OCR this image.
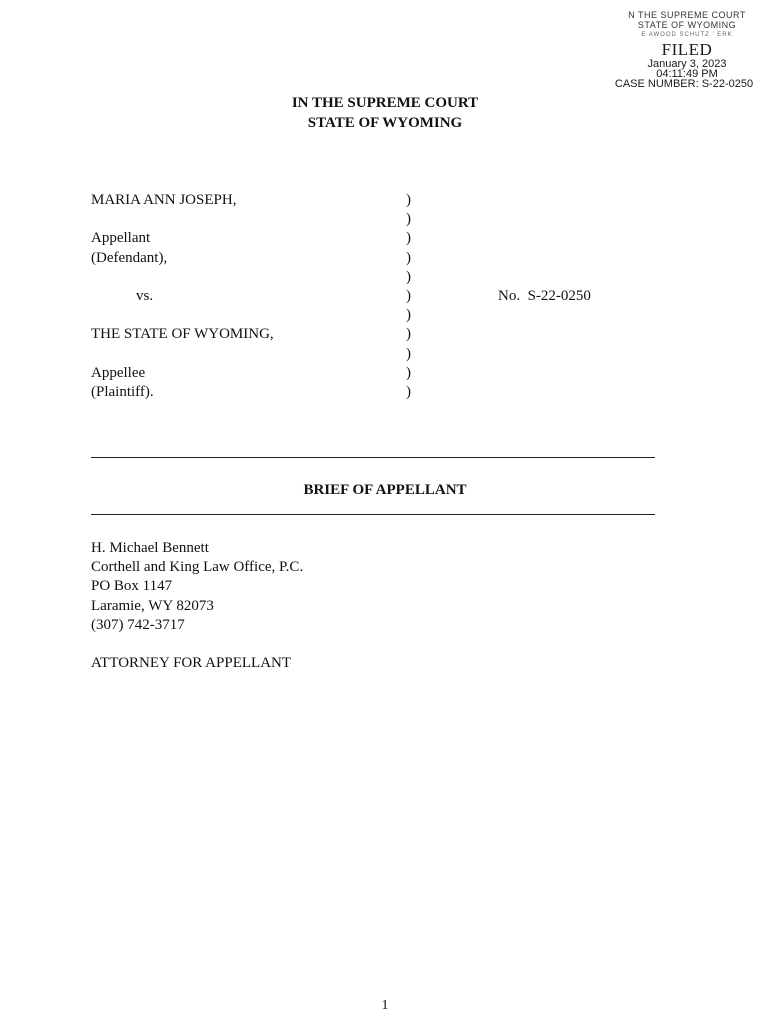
N THE SUPREME COURT
STATE OF WYOMING
E AWOOD SCHUTZ ’ ERK
FILED
January 3, 2023
04:11:49 PM
CASE NUMBER: S-22-0250
IN THE SUPREME COURT
STATE OF WYOMING
MARIA ANN JOSEPH,
Appellant
(Defendant),
vs.
THE STATE OF WYOMING,
Appellee
(Plaintiff).
)
)
)
)
)
)
)
)
)
)
)
No.  S-22-0250
BRIEF OF APPELLANT
H. Michael Bennett
Corthell and King Law Office, P.C.
PO Box 1147
Laramie, WY 82073
(307) 742-3717
ATTORNEY FOR APPELLANT
1
